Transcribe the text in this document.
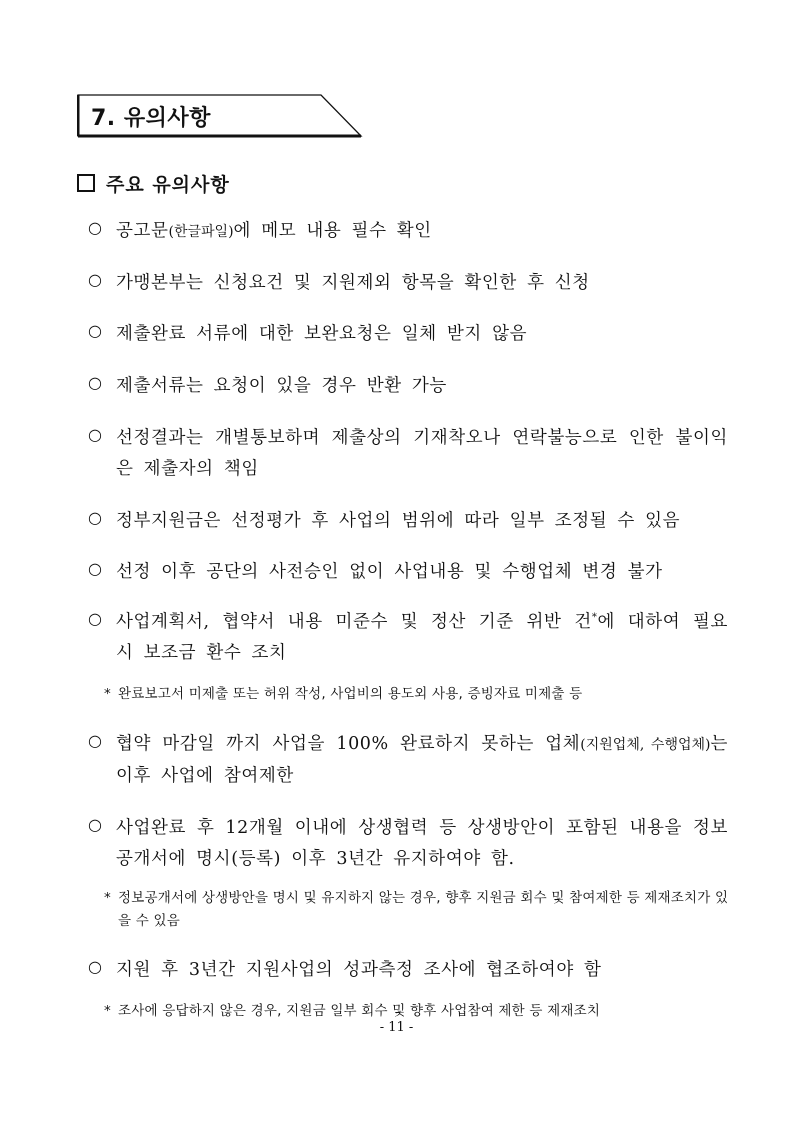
7. 유의사항
주요 유의사항
○ 공고문(한글파일)에 메모 내용 필수 확인
○ 가맹본부는 신청요건 및 지원제외 항목을 확인한 후 신청
○ 제출완료 서류에 대한 보완요청은 일체 받지 않음
○ 제출서류는 요청이 있을 경우 반환 가능
○ 선정결과는 개별통보하며 제출상의 기재착오나 연락불능으로 인한 불이익은 제출자의 책임
○ 정부지원금은 선정평가 후 사업의 범위에 따라 일부 조정될 수 있음
○ 선정 이후 공단의 사전승인 없이 사업내용 및 수행업체 변경 불가
○ 사업계획서, 협약서 내용 미준수 및 정산 기준 위반 건*에 대하여 필요 시 보조금 환수 조치
* 완료보고서 미제출 또는 허위 작성, 사업비의 용도외 사용, 증빙자료 미제출 등
○ 협약 마감일 까지 사업을 100% 완료하지 못하는 업체(지원업체, 수행업체)는 이후 사업에 참여제한
○ 사업완료 후 12개월 이내에 상생협력 등 상생방안이 포함된 내용을 정보공개서에 명시(등록) 이후 3년간 유지하여야 함.
* 정보공개서에 상생방안을 명시 및 유지하지 않는 경우, 향후 지원금 회수 및 참여제한 등 제재조치가 있을 수 있음
○ 지원 후 3년간 지원사업의 성과측정 조사에 협조하여야 함
* 조사에 응답하지 않은 경우, 지원금 일부 회수 및 향후 사업참여 제한 등 제재조치
- 11 -
